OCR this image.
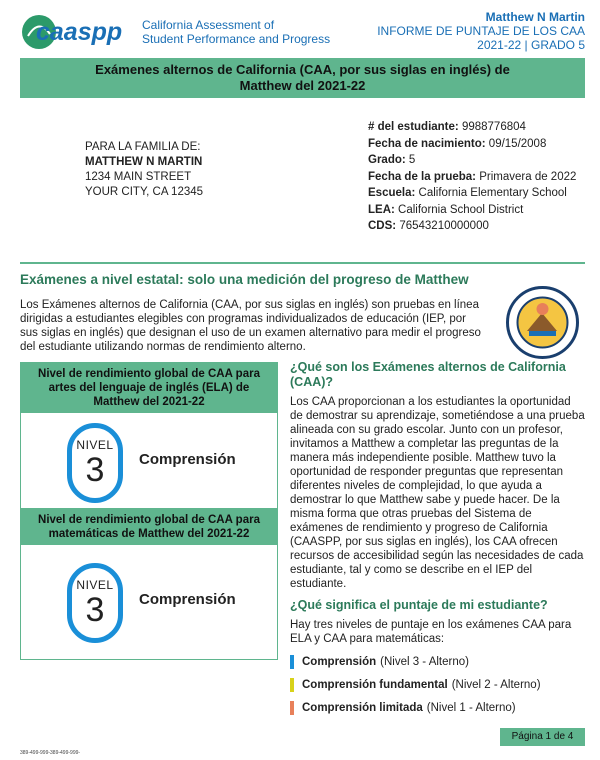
caaspp California Assessment of
Student Performance and Progress
Matthew N Martin
INFORME DE PUNTAJE DE LOS CAA
2021-22 | GRADO 5
Exámenes alternos de California (CAA, por sus siglas en inglés) de
Matthew del 2021-22
PARA LA FAMILIA DE:
MATTHEW N MARTIN
1234 MAIN STREET
YOUR CITY, CA 12345
# del estudiante: 9988776804
Fecha de nacimiento: 09/15/2008
Grado: 5
Fecha de la prueba: Primavera de 2022
Escuela: California Elementary School
LEA: California School District
CDS: 76543210000000
Exámenes a nivel estatal: solo una medición del progreso de Matthew
Los Exámenes alternos de California (CAA, por sus siglas en inglés) son pruebas en línea dirigidas a estudiantes elegibles con programas individualizados de educación (IEP, por sus siglas en inglés) que designan el uso de un examen alternativo para medir el progreso del estudiante utilizando normas de rendimiento alterno.
Nivel de rendimiento global de CAA para artes del lenguaje de inglés (ELA) de Matthew del 2021-22
NIVEL
3	Comprensión
Nivel de rendimiento global de CAA para matemáticas de Matthew del 2021-22
NIVEL
3	Comprensión
¿Qué son los Exámenes alternos de California (CAA)?
Los CAA proporcionan a los estudiantes la oportunidad de demostrar su aprendizaje, sometiéndose a una prueba alineada con su grado escolar. Junto con un profesor, invitamos a Matthew a completar las preguntas de la manera más independiente posible. Matthew tuvo la oportunidad de responder preguntas que representan diferentes niveles de complejidad, lo que ayuda a demostrar lo que Matthew sabe y puede hacer. De la misma forma que otras pruebas del Sistema de exámenes de rendimiento y progreso de California (CAASPP, por sus siglas en inglés), los CAA ofrecen recursos de accesibilidad según las necesidades de cada estudiante, tal y como se describe en el IEP del estudiante.
¿Qué significa el puntaje de mi estudiante?
Hay tres niveles de puntaje en los exámenes CAA para ELA y CAA para matemáticas:
Comprensión (Nivel 3 - Alterno)
Comprensión fundamental (Nivel 2 - Alterno)
Comprensión limitada (Nivel 1 - Alterno)
Página 1 de 4
389-499-999-389-499-999-
